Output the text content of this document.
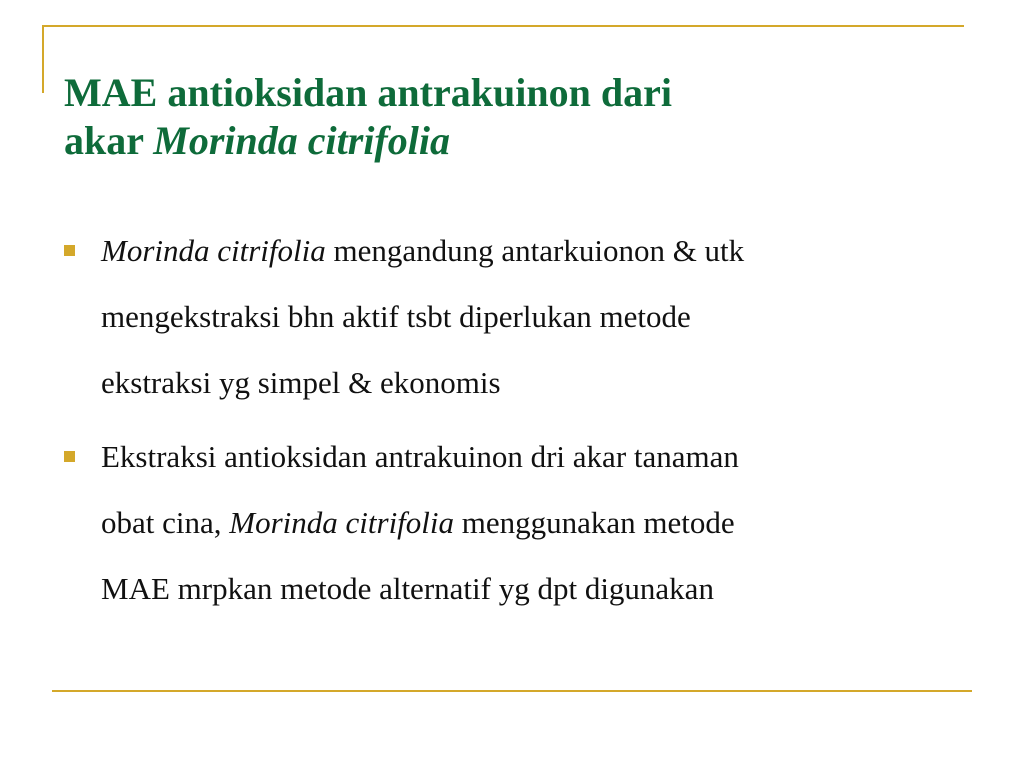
MAE antioksidan antrakuinon dari
akar Morinda citrifolia
Morinda citrifolia mengandung antarkuionon & utk
mengekstraksi bhn aktif tsbt diperlukan metode
ekstraksi yg simpel & ekonomis
Ekstraksi antioksidan antrakuinon dri akar tanaman
obat cina, Morinda citrifolia menggunakan metode
MAE mrpkan metode alternatif yg dpt digunakan
